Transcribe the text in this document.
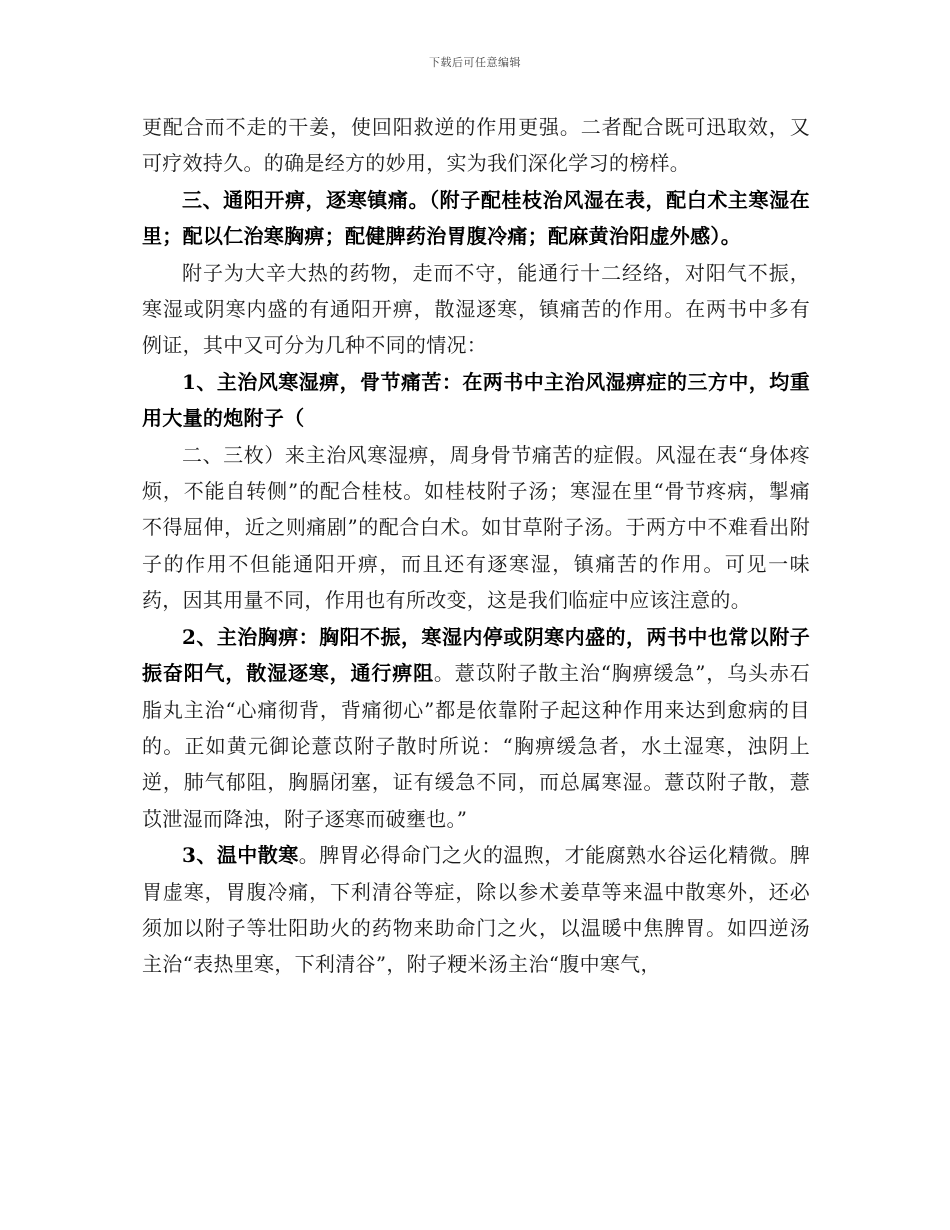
下载后可任意编辑

更配合而不走的干姜，使回阳救逆的作用更强。二者配合既可迅取效，又可疗效持久。的确是经方的妙用，实为我们深化学习的榜样。

三、通阳开痹，逐寒镇痛。（附子配桂枝治风湿在表，配白术主寒湿在里；配以仁治寒胸痹；配健脾药治胃腹冷痛；配麻黄治阳虚外感）。

附子为大辛大热的药物，走而不守，能通行十二经络，对阳气不振，寒湿或阴寒内盛的有通阳开痹，散湿逐寒，镇痛苦的作用。在两书中多有例证，其中又可分为几种不同的情况：

1、主治风寒湿痹，骨节痛苦：在两书中主治风湿痹症的三方中，均重用大量的炮附子（

二、三枚）来主治风寒湿痹，周身骨节痛苦的症假。风湿在表“身体疼烦，不能自转侧”的配合桂枝。如桂枝附子汤；寒湿在里“骨节疼病，掣痛不得屈伸，近之则痛剧”的配合白术。如甘草附子汤。于两方中不难看出附子的作用不但能通阳开痹，而且还有逐寒湿，镇痛苦的作用。可见一味药，因其用量不同，作用也有所改变，这是我们临症中应该注意的。

2、主治胸痹：胸阳不振，寒湿内停或阴寒内盛的，两书中也常以附子振奋阳气，散湿逐寒，通行痹阻。薏苡附子散主治“胸痹缓急”，乌头赤石脂丸主治“心痛彻背，背痛彻心”都是依靠附子起这种作用来达到愈病的目的。正如黄元御论薏苡附子散时所说：“胸痹缓急者，水土湿寒，浊阴上逆，肺气郁阻，胸膈闭塞，证有缓急不同，而总属寒湿。薏苡附子散，薏苡泄湿而降浊，附子逐寒而破壅也。”

3、温中散寒。脾胃必得命门之火的温煦，才能腐熟水谷运化精微。脾胃虚寒，胃腹冷痛，下利清谷等症，除以参术姜草等来温中散寒外，还必须加以附子等壮阳助火的药物来助命门之火，以温暖中焦脾胃。如四逆汤主治“表热里寒，下利清谷”，附子粳米汤主治“腹中寒气，
